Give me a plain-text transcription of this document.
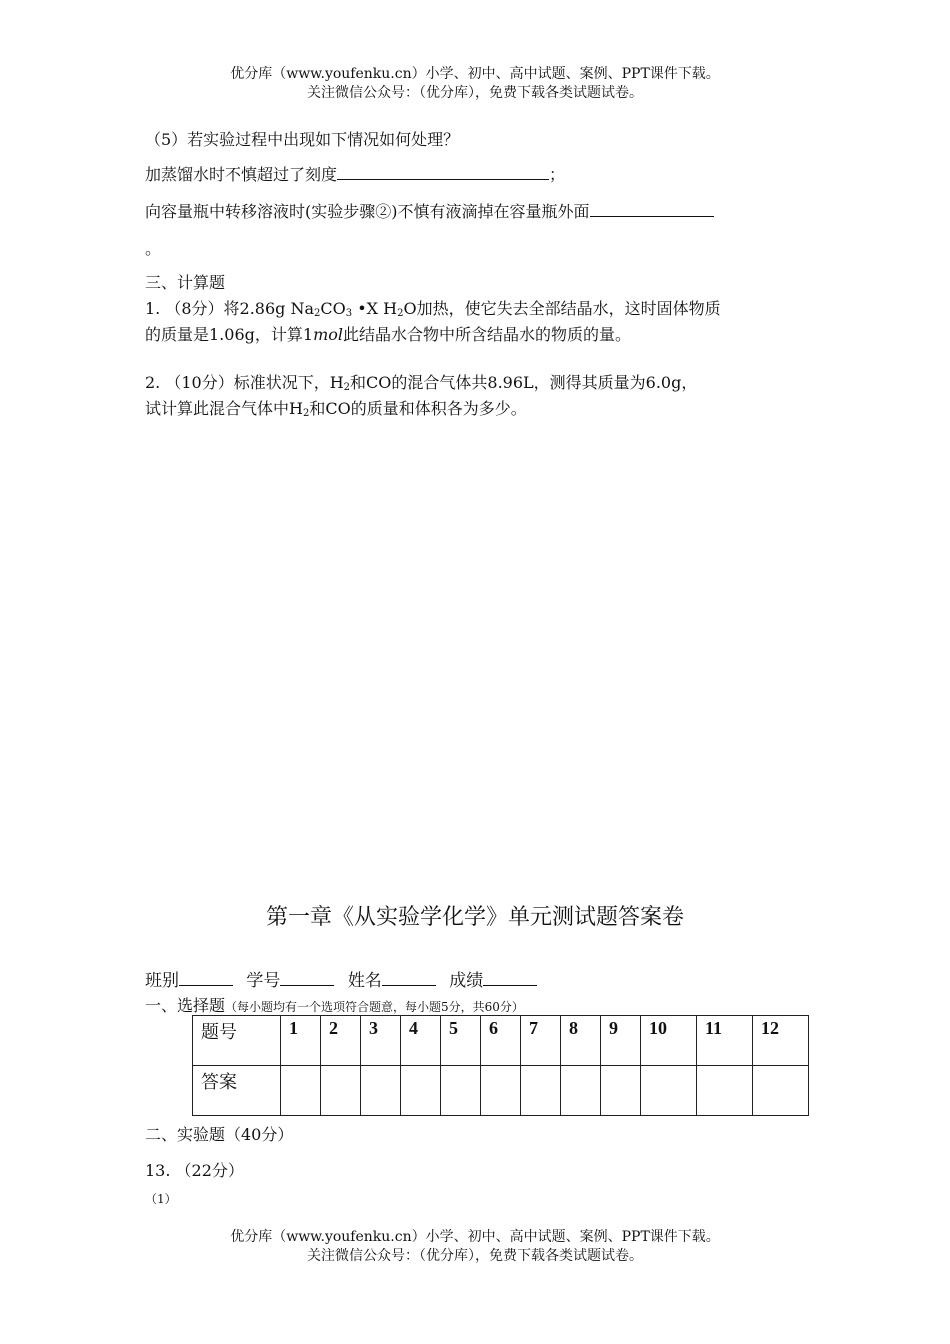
优分库（www.youfenku.cn）小学、初中、高中试题、案例、PPT课件下载。
关注微信公众号：（优分库），免费下载各类试题试卷。
（5）若实验过程中出现如下情况如何处理？
加蒸馏水时不慎超过了刻度	；
向容量瓶中转移溶液时(实验步骤②)不慎有液滴掉在容量瓶外面
。
三、计算题
1. （8分）将2.86g $Na_2CO_3$ •X $H_2O$加热，使它失去全部结晶水，这时固体物质
的质量是1.06g，计算1mol此结晶水合物中所含结晶水的物质的量。
2. （10分）标准状况下，$H_2$和CO的混合气体共8.96L，测得其质量为6.0g，
试计算此混合气体中$H_2$和CO的质量和体积各为多少。
第一章《从实验学化学》单元测试题答案卷
班别	学号	姓名	成绩
一、选择题（每小题均有一个选项符合题意，每小题5分，共60分）
题号	1	2	3	4	5	6	7	8	9	10	11	12
答案												
二、实验题（40分）
13. （22分）
（1）
优分库（www.youfenku.cn）小学、初中、高中试题、案例、PPT课件下载。
关注微信公众号：（优分库），免费下载各类试题试卷。
